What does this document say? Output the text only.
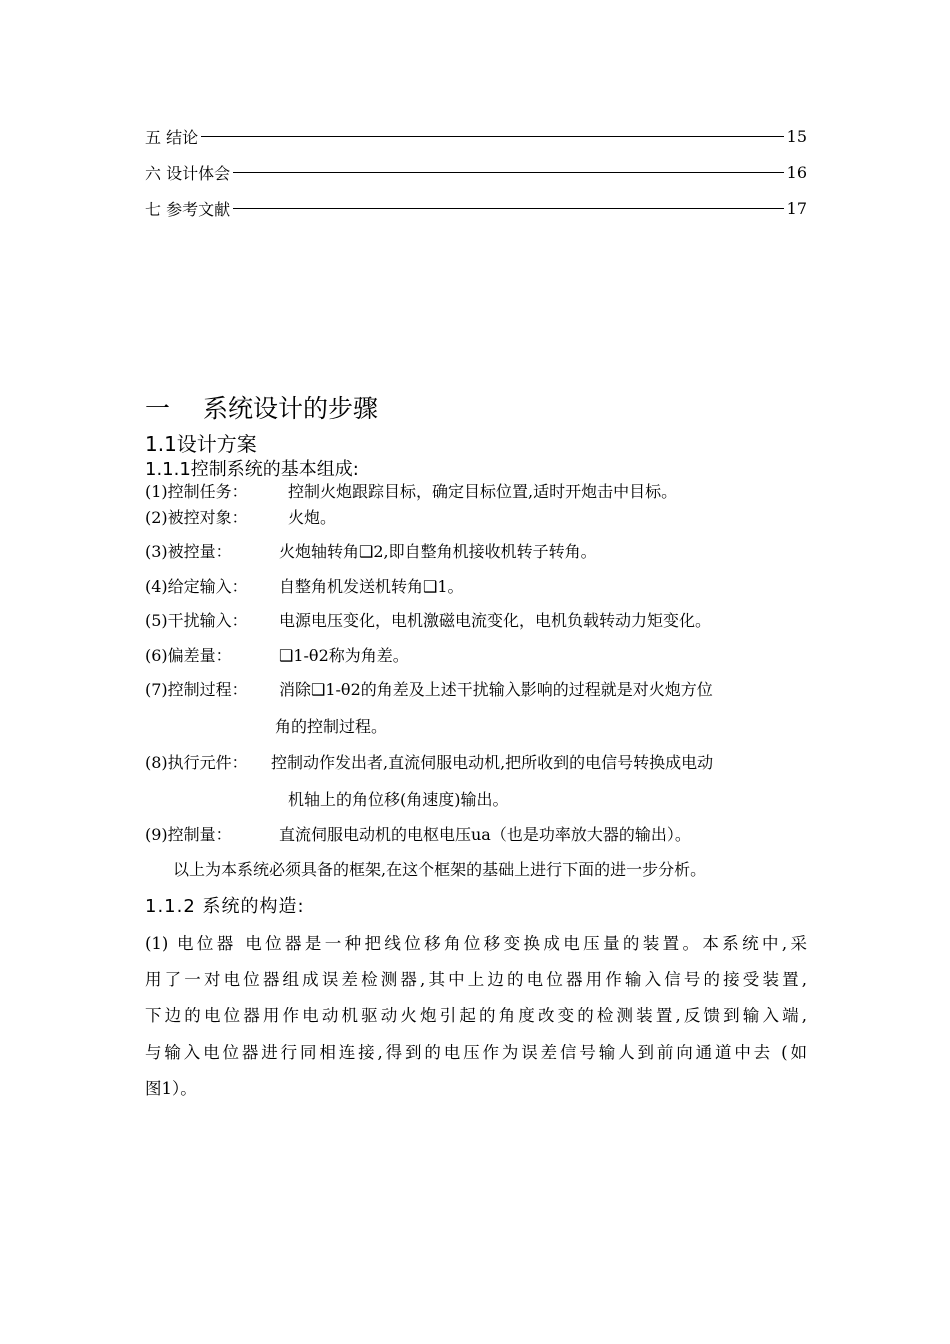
五 结论	15
六 设计体会	16
七 参考文献	17
一 系统设计的步骤
1.1设计方案
1.1.1控制系统的基本组成:
(1)控制任务：	控制火炮跟踪目标，确定目标位置,适时开炮击中目标。
(2)被控对象：	火炮。
(3)被控量：	火炮轴转角❑2,即自整角机接收机转子转角。
(4)给定输入： 自整角机发送机转角❑1。
(5)干扰输入： 电源电压变化，电机激磁电流变化，电机负载转动力矩变化。
(6)偏差量：	❑1-θ2称为角差。
(7)控制过程： 消除❑1-θ2的角差及上述干扰输入影响的过程就是对火炮方位
角的控制过程。
(8)执行元件： 控制动作发出者,直流伺服电动机,把所收到的电信号转换成电动
机轴上的角位移(角速度)输出。
(9)控制量：	直流伺服电动机的电枢电压ua（也是功率放大器的输出）。
以上为本系统必须具备的框架,在这个框架的基础上进行下面的进一步分析。
1.1.2 系统的构造:
(1) 电位器 电位器是一种把线位移角位移变换成电压量的装置。本系统中,采
用了一对电位器组成误差检测器,其中上边的电位器用作输入信号的接受装置,
下边的电位器用作电动机驱动火炮引起的角度改变的检测装置,反馈到输入端,
与输入电位器进行同相连接,得到的电压作为误差信号输人到前向通道中去 (如
图1）。
